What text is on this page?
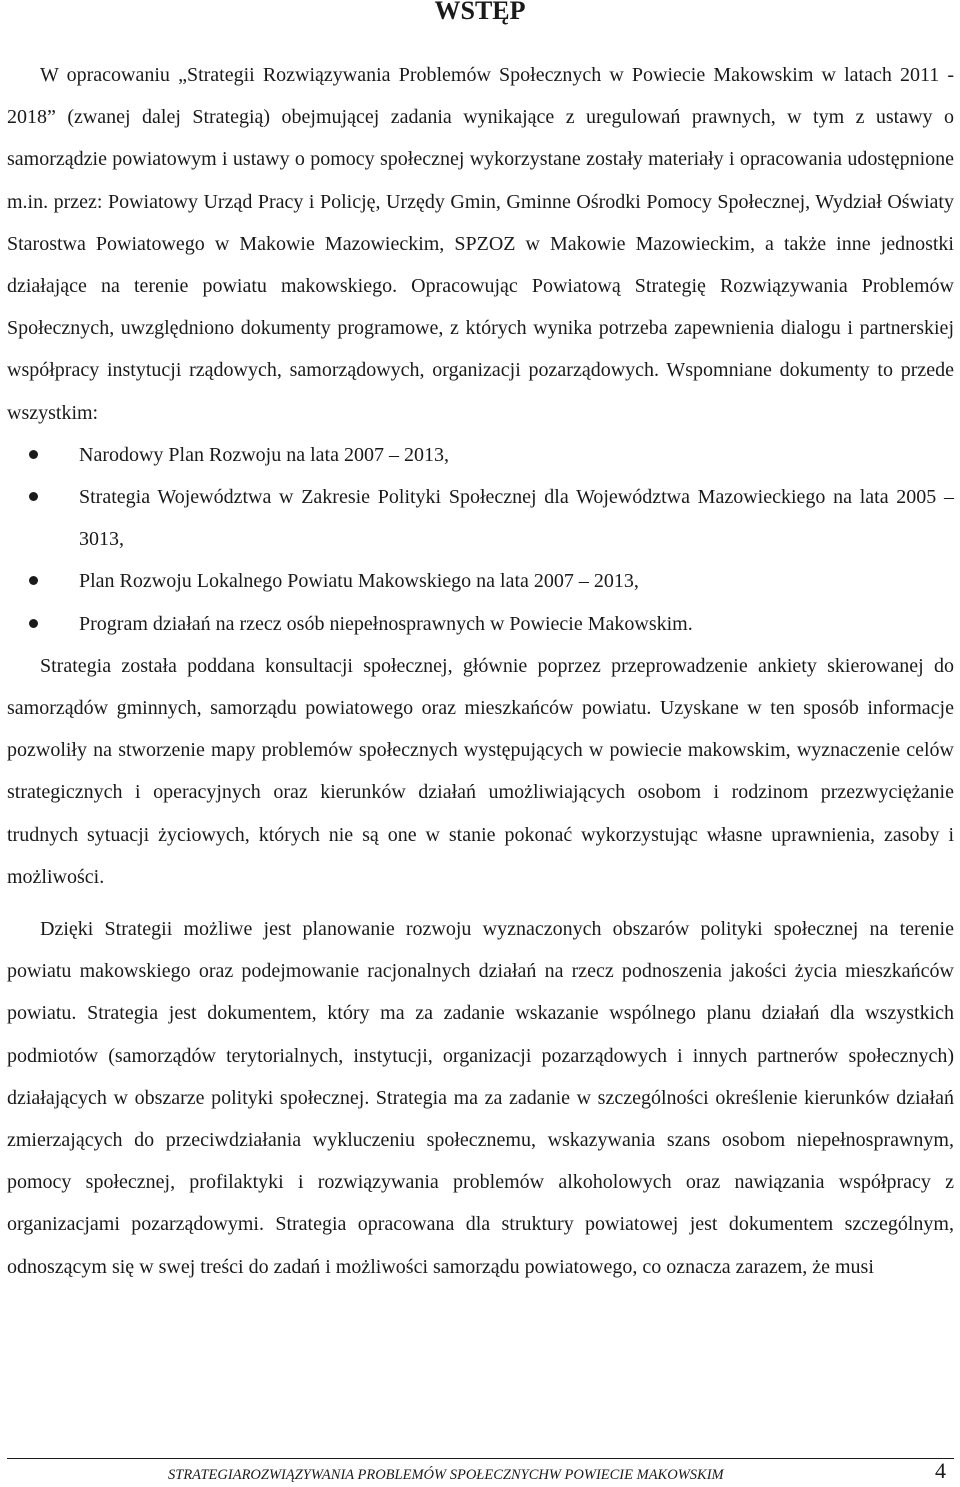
WSTĘP

W opracowaniu „Strategii Rozwiązywania Problemów Społecznych w Powiecie Makowskim w latach 2011 - 2018” (zwanej dalej Strategią) obejmującej zadania wynikające z uregulowań prawnych, w tym z ustawy o samorządzie powiatowym i ustawy o pomocy społecznej wykorzystane zostały materiały i opracowania udostępnione m.in. przez: Powiatowy Urząd Pracy i Policję, Urzędy Gmin, Gminne Ośrodki Pomocy Społecznej, Wydział Oświaty Starostwa Powiatowego w Makowie Mazowieckim, SPZOZ w Makowie Mazowieckim, a także inne jednostki działające na terenie powiatu makowskiego. Opracowując Powiatową Strategię Rozwiązywania Problemów Społecznych, uwzględniono dokumenty programowe, z których wynika potrzeba zapewnienia dialogu i partnerskiej współpracy instytucji rządowych, samorządowych, organizacji pozarządowych. Wspomniane dokumenty to przede wszystkim:

Narodowy Plan Rozwoju na lata 2007 – 2013,
Strategia Województwa w Zakresie Polityki Społecznej dla Województwa Mazowieckiego na lata 2005 – 3013,
Plan Rozwoju Lokalnego Powiatu Makowskiego na lata 2007 – 2013,
Program działań na rzecz osób niepełnosprawnych w Powiecie Makowskim.

Strategia została poddana konsultacji społecznej, głównie poprzez przeprowadzenie ankiety skierowanej do samorządów gminnych, samorządu powiatowego oraz mieszkańców powiatu. Uzyskane w ten sposób informacje pozwoliły na stworzenie mapy problemów społecznych występujących w powiecie makowskim, wyznaczenie celów strategicznych i operacyjnych oraz kierunków działań umożliwiających osobom i rodzinom przezwyciężanie trudnych sytuacji życiowych, których nie są one w stanie pokonać wykorzystując własne uprawnienia, zasoby i możliwości.

Dzięki Strategii możliwe jest planowanie rozwoju wyznaczonych obszarów polityki społecznej na terenie powiatu makowskiego oraz podejmowanie racjonalnych działań na rzecz podnoszenia jakości życia mieszkańców powiatu. Strategia jest dokumentem, który ma za zadanie wskazanie wspólnego planu działań dla wszystkich podmiotów (samorządów terytorialnych, instytucji, organizacji pozarządowych i innych partnerów społecznych) działających w obszarze polityki społecznej. Strategia ma za zadanie w szczególności określenie kierunków działań zmierzających do przeciwdziałania wykluczeniu społecznemu, wskazywania szans osobom niepełnosprawnym, pomocy społecznej, profilaktyki i rozwiązywania problemów alkoholowych oraz nawiązania współpracy z organizacjami pozarządowymi. Strategia opracowana dla struktury powiatowej jest dokumentem szczególnym, odnoszącym się w swej treści do zadań i możliwości samorządu powiatowego, co oznacza zarazem, że musi

STRATEGIAROZWIĄZYWANIA PROBLEMÓW SPOŁECZNYCHW POWIECIE MAKOWSKIM	4
